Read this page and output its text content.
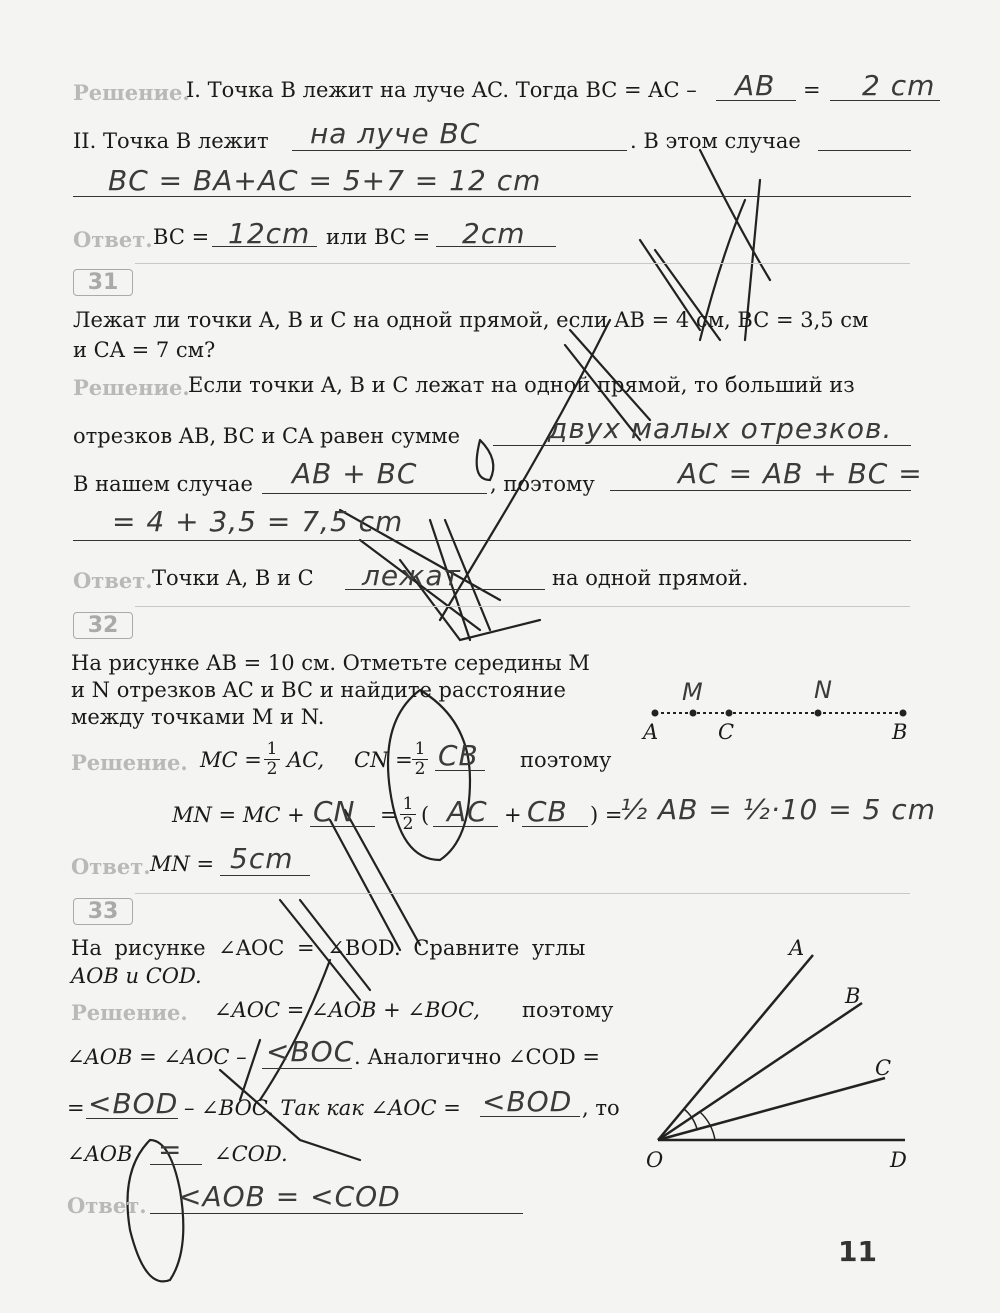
Решение.
I. Точка B лежит на луче AC. Тогда BC = AC – AB = 2 cm
II. Точка B лежит на луче BC	. В этом случае
BC = BA+AC = 5+7 = 12 cm
Ответ. BC = 12cm или BC = 2cm
31
Лежат ли точки A, B и C на одной прямой, если AB = 4 см, BC = 3,5 см
и CA = 7 см?
Решение.
Если точки A, B и C лежат на одной прямой, то больший из
отрезков AB, BC и CA равен сумме	двух малых отрезков.
В нашем случае AB + BC	, поэтому	AC = AB + BC =
= 4 + 3,5 = 7,5 cm
Ответ. Точки A, B и C лежат	на одной прямой.
32
На рисунке AB = 10 см. Отметьте середины M
и N отрезков AC и BC и найдите расстояние
между точками M и N.
A	C	B
M	N
Решение. MC = $\frac{1}{2}$ AC, CN = $\frac{1}{2}$ CB поэтому
MN = MC + CN = $\frac{1}{2}$ ( AC + CB ) =
½ AB = ½·10 = 5 cm
Ответ. MN = 5cm
33
На рисунке ∠AOC = ∠BOD. Сравните углы
AOB и COD.
Решение. ∠AOC = ∠AOB + ∠BOC, поэтому
∠AOB = ∠AOC – <BOC . Аналогично ∠COD =
= <BOD – ∠BOC. Так как ∠AOC = <BOD , то
∠AOB = ∠COD.
Ответ. <AOB = <COD
A
B
C
O	D
11
